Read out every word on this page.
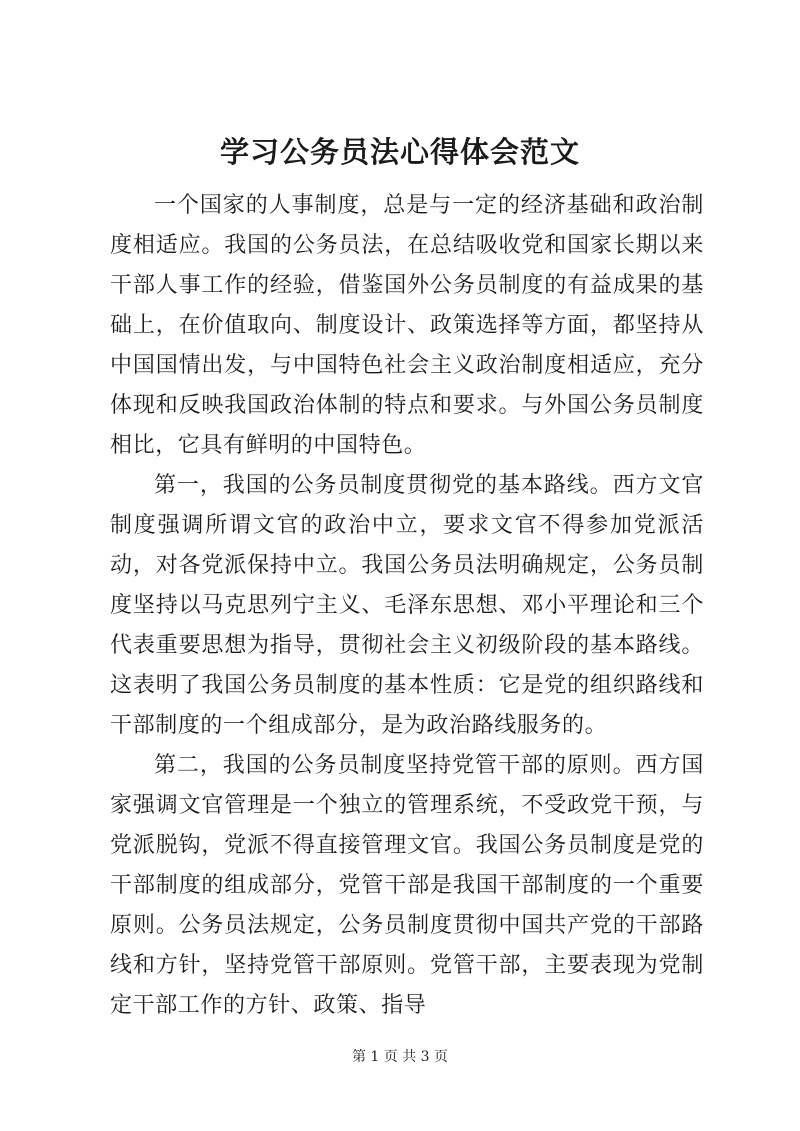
学习公务员法心得体会范文

一个国家的人事制度，总是与一定的经济基础和政治制度相适应。我国的公务员法，在总结吸收党和国家长期以来干部人事工作的经验，借鉴国外公务员制度的有益成果的基础上，在价值取向、制度设计、政策选择等方面，都坚持从中国国情出发，与中国特色社会主义政治制度相适应，充分体现和反映我国政治体制的特点和要求。与外国公务员制度相比，它具有鲜明的中国特色。

第一，我国的公务员制度贯彻党的基本路线。西方文官制度强调所谓文官的政治中立，要求文官不得参加党派活动，对各党派保持中立。我国公务员法明确规定，公务员制度坚持以马克思列宁主义、毛泽东思想、邓小平理论和三个代表重要思想为指导，贯彻社会主义初级阶段的基本路线。这表明了我国公务员制度的基本性质：它是党的组织路线和干部制度的一个组成部分，是为政治路线服务的。

第二，我国的公务员制度坚持党管干部的原则。西方国家强调文官管理是一个独立的管理系统，不受政党干预，与党派脱钩，党派不得直接管理文官。我国公务员制度是党的干部制度的组成部分，党管干部是我国干部制度的一个重要原则。公务员法规定，公务员制度贯彻中国共产党的干部路线和方针，坚持党管干部原则。党管干部，主要表现为党制定干部工作的方针、政策、指导

第 1 页 共 3 页
